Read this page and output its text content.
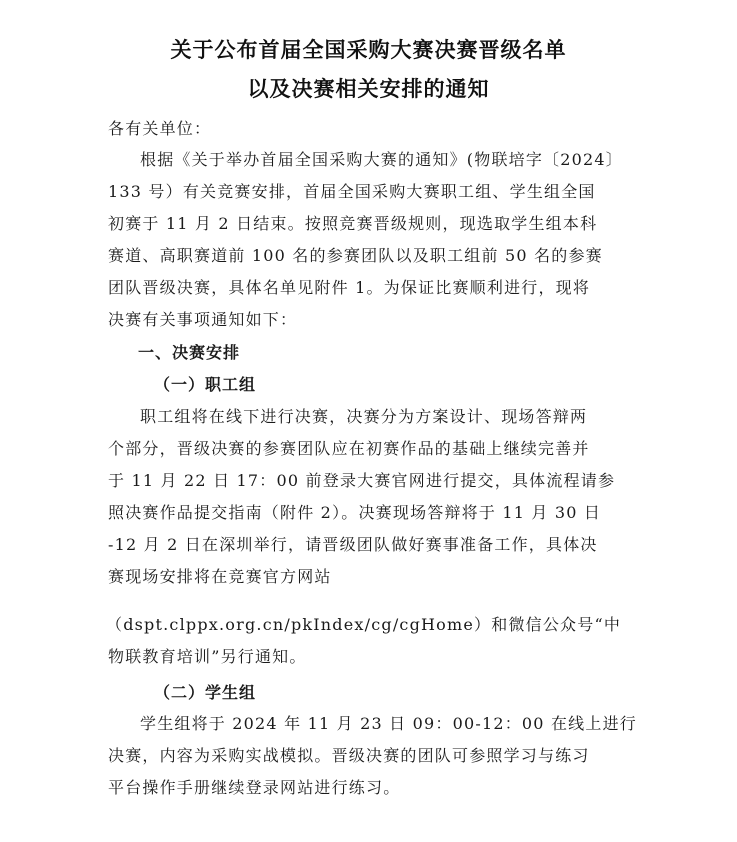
关于公布首届全国采购大赛决赛晋级名单
以及决赛相关安排的通知

各有关单位：

根据《关于举办首届全国采购大赛的通知》(物联培字〔2024〕

133 号）有关竞赛安排，首届全国采购大赛职工组、学生组全国

初赛于 11 月 2 日结束。按照竞赛晋级规则，现选取学生组本科

赛道、高职赛道前 100 名的参赛团队以及职工组前 50 名的参赛

团队晋级决赛，具体名单见附件 1。为保证比赛顺利进行，现将

决赛有关事项通知如下：

一、决赛安排
（一）职工组

职工组将在线下进行决赛，决赛分为方案设计、现场答辩两

个部分，晋级决赛的参赛团队应在初赛作品的基础上继续完善并

于 11 月 22 日 17：00 前登录大赛官网进行提交，具体流程请参

照决赛作品提交指南（附件 2）。决赛现场答辩将于 11 月 30 日

-12 月 2 日在深圳举行，请晋级团队做好赛事准备工作，具体决

赛现场安排将在竞赛官方网站

（dspt.clppx.org.cn/pkIndex/cg/cgHome）和微信公众号“中

物联教育培训”另行通知。

（二）学生组

学生组将于 2024 年 11 月 23 日 09：00-12：00 在线上进行

决赛，内容为采购实战模拟。晋级决赛的团队可参照学习与练习

平台操作手册继续登录网站进行练习。
